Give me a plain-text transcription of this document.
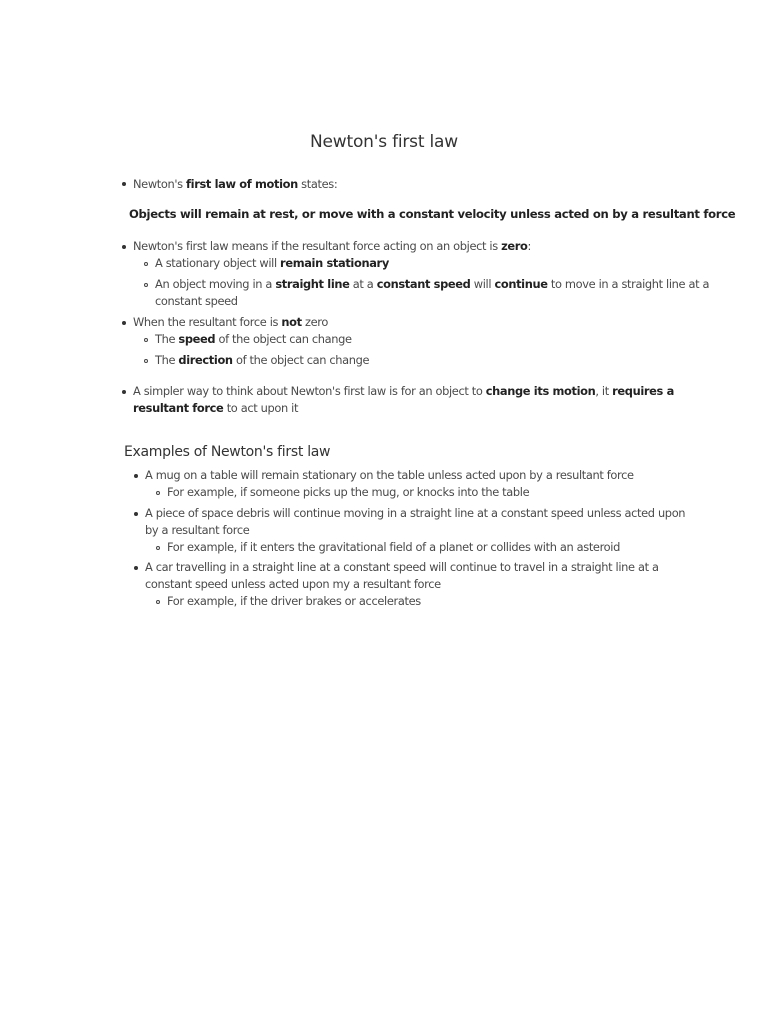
Newton's first law
Newton's first law of motion states:
Objects will remain at rest, or move with a constant velocity unless acted on by a resultant force
Newton's first law means if the resultant force acting on an object is zero:
A stationary object will remain stationary
An object moving in a straight line at a constant speed will continue to move in a straight line at a
constant speed
When the resultant force is not zero
The speed of the object can change
The direction of the object can change
A simpler way to think about Newton's first law is for an object to change its motion, it requires a
resultant force to act upon it
Examples of Newton's first law
A mug on a table will remain stationary on the table unless acted upon by a resultant force
For example, if someone picks up the mug, or knocks into the table
A piece of space debris will continue moving in a straight line at a constant speed unless acted upon
by a resultant force
For example, if it enters the gravitational field of a planet or collides with an asteroid
A car travelling in a straight line at a constant speed will continue to travel in a straight line at a
constant speed unless acted upon my a resultant force
For example, if the driver brakes or accelerates
